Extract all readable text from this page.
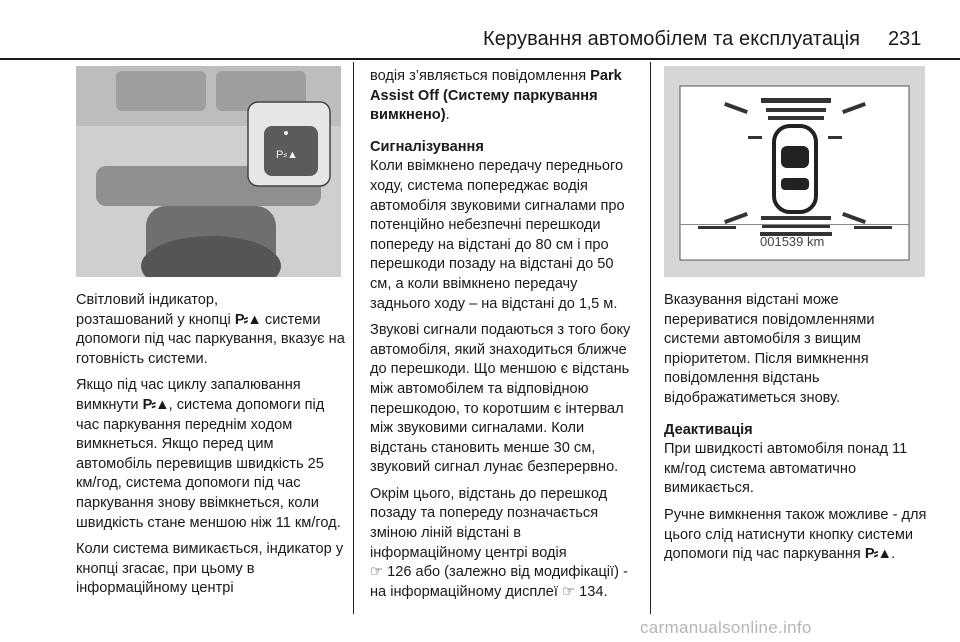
Керування автомобілем та експлуатація 231
P⸗▲
001539 km

Світловий індикатор,
розташований у кнопці P⸗▲ системи допомоги під час паркування, вказує на готовність системи.

Якщо під час циклу запалювання вимкнути P⸗▲, система допомоги під час паркування переднім ходом вимкнеться. Якщо перед цим автомобіль перевищив швидкість 25 км/год, система допомоги під час паркування знову ввімкнеться, коли швидкість стане меншою ніж 11 км/год.

Коли система вимикається, індикатор у кнопці згасає, при цьому в інформаційному центрі

водія з’являється повідомлення Park Assist Off (Систему паркування вимкнено).

Сигналізування

Коли ввімкнено передачу переднього ходу, система попереджає водія автомобіля звуковими сигналами про потенційно небезпечні перешкоди попереду на відстані до 80 см і про перешкоди позаду на відстані до 50 см, а коли ввімкнено передачу заднього ходу – на відстані до 1,5 м.

Звукові сигнали подаються з того боку автомобіля, який знаходиться ближче до перешкоди. Що меншою є відстань між автомобілем та відповідною перешкодою, то коротшим є інтервал між звуковими сигналами. Коли відстань становить менше 30 см, звуковий сигнал лунає безперервно.

Окрім цього, відстань до перешкод позаду та попереду позначається зміною ліній відстані в інформаційному центрі водія
☞ 126 або (залежно від модифікації) - на інформаційному дисплеї ☞ 134.

Вказування відстані може перериватися повідомленнями системи автомобіля з вищим пріоритетом. Після вимкнення повідомлення відстань відображатиметься знову.

Деактивація

При швидкості автомобіля понад 11 км/год система автоматично вимикається.

Ручне вимкнення також можливе - для цього слід натиснути кнопку системи допомоги під час паркування P⸗▲.

carmanualsonline.info
